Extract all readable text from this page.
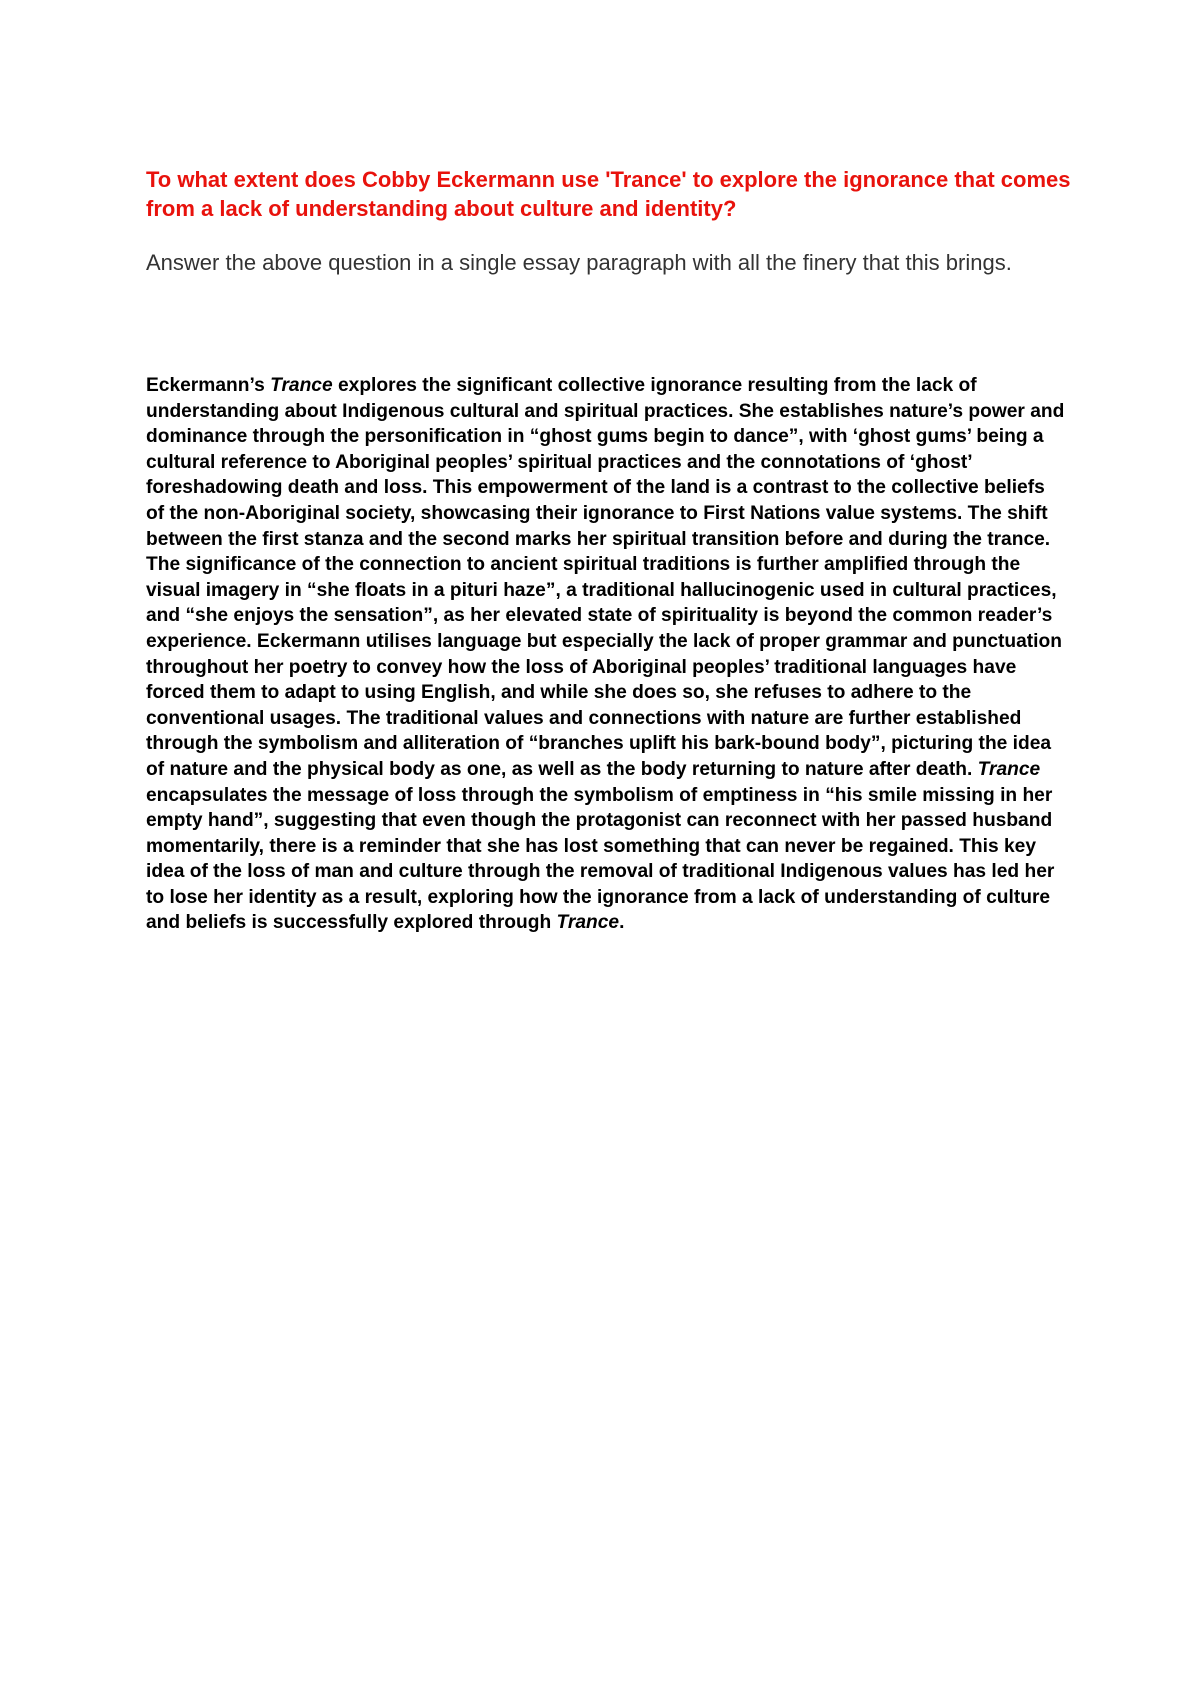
To what extent does Cobby Eckermann use 'Trance' to explore the ignorance that comes from a lack of understanding about culture and identity?

Answer the above question in a single essay paragraph with all the finery that this brings.

Eckermann’s Trance explores the significant collective ignorance resulting from the lack of understanding about Indigenous cultural and spiritual practices. She establishes nature’s power and dominance through the personification in “ghost gums begin to dance”, with ‘ghost gums’ being a cultural reference to Aboriginal peoples’ spiritual practices and the connotations of ‘ghost’ foreshadowing death and loss. This empowerment of the land is a contrast to the collective beliefs of the non-Aboriginal society, showcasing their ignorance to First Nations value systems. The shift between the first stanza and the second marks her spiritual transition before and during the trance. The significance of the connection to ancient spiritual traditions is further amplified through the visual imagery in “she floats in a pituri haze”, a traditional hallucinogenic used in cultural practices, and “she enjoys the sensation”, as her elevated state of spirituality is beyond the common reader’s experience. Eckermann utilises language but especially the lack of proper grammar and punctuation throughout her poetry to convey how the loss of Aboriginal peoples’ traditional languages have forced them to adapt to using English, and while she does so, she refuses to adhere to the conventional usages. The traditional values and connections with nature are further established through the symbolism and alliteration of “branches uplift his bark-bound body”, picturing the idea of nature and the physical body as one, as well as the body returning to nature after death. Trance encapsulates the message of loss through the symbolism of emptiness in “his smile missing in her empty hand”, suggesting that even though the protagonist can reconnect with her passed husband momentarily, there is a reminder that she has lost something that can never be regained. This key idea of the loss of man and culture through the removal of traditional Indigenous values has led her to lose her identity as a result, exploring how the ignorance from a lack of understanding of culture and beliefs is successfully explored through Trance.
